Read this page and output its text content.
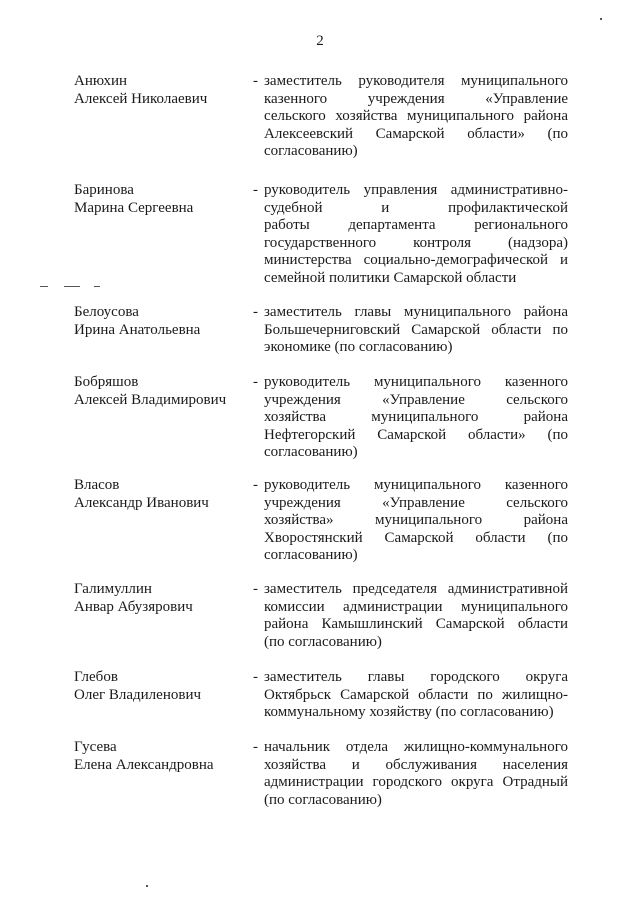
2
Анюхин
Алексей Николаевич
- заместитель руководителя муниципального
казенного учреждения «Управление
сельского хозяйства муниципального района
Алексеевский Самарской области» (по
согласованию)
Баринова
Марина Сергеевна
- руководитель управления административно-
судебной и профилактической
работы департамента регионального
государственного контроля (надзора)
министерства социально-демографической и
семейной политики Самарской области
Белоусова
Ирина Анатольевна
- заместитель главы муниципального района
Большечерниговский Самарской области по
экономике (по согласованию)
Бобряшов
Алексей Владимирович
- руководитель муниципального казенного
учреждения «Управление сельского
хозяйства муниципального района
Нефтегорский Самарской области» (по
согласованию)
Власов
Александр Иванович
- руководитель муниципального казенного
учреждения «Управление сельского
хозяйства» муниципального района
Хворостянский Самарской области (по
согласованию)
Галимуллин
Анвар Абузярович
- заместитель председателя административной
комиссии администрации муниципального
района Камышлинский Самарской области
(по согласованию)
Глебов
Олег Владиленович
- заместитель главы городского округа
Октябрьск Самарской области по жилищно-
коммунальному хозяйству (по согласованию)
Гусева
Елена Александровна
- начальник отдела жилищно-коммунального
хозяйства и обслуживания населения
администрации городского округа Отрадный
(по согласованию)
